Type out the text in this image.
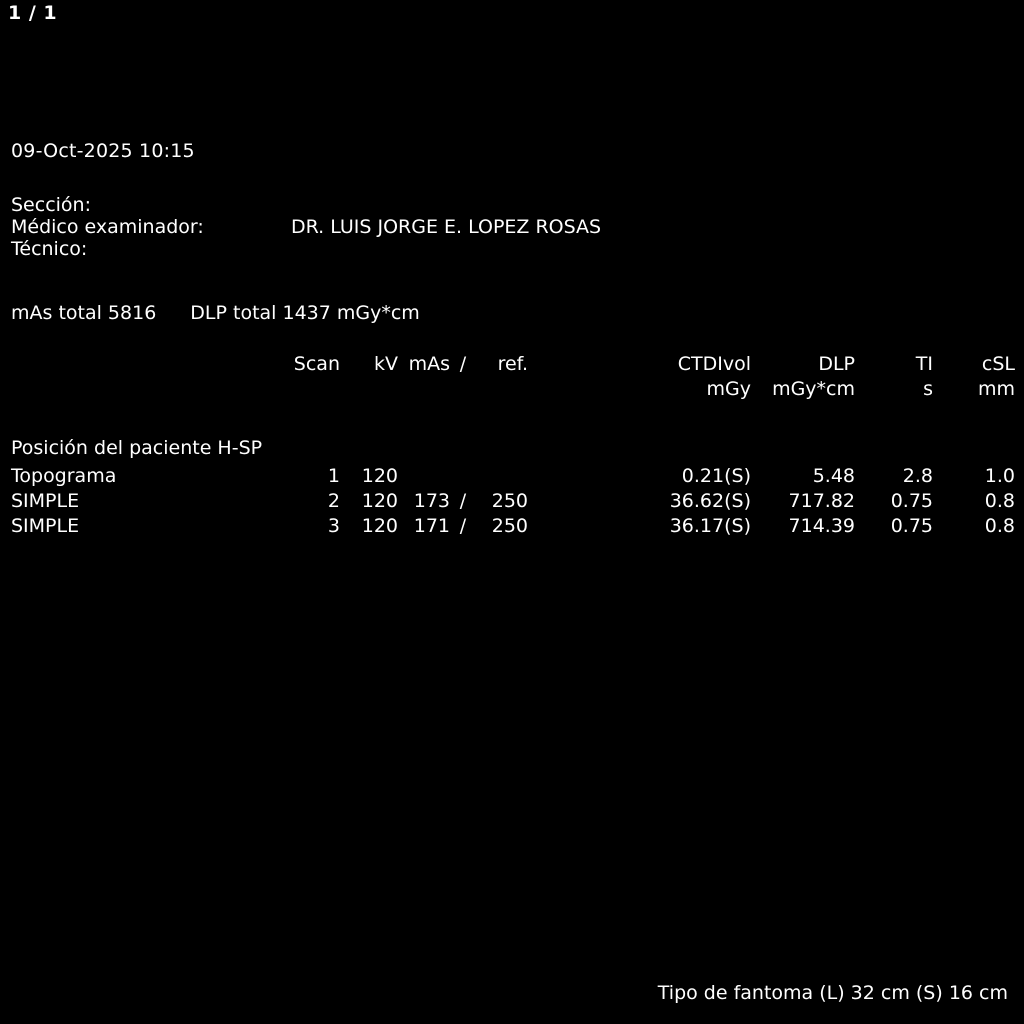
1 / 1
09-Oct-2025 10:15
Sección:
Médico examinador:	DR. LUIS JORGE E. LOPEZ ROSAS
Técnico:
mAs total 5816 DLP total 1437 mGy*cm
	Scan	kV	mAs	/	ref.	CTDIvol	DLP	TI	cSL
						mGy	mGy*cm	s	mm
Posición del paciente H-SP
Topograma	1	120				0.21(S)	5.48	2.8	1.0
SIMPLE	2	120	173	/	250	36.62(S)	717.82	0.75	0.8
SIMPLE	3	120	171	/	250	36.17(S)	714.39	0.75	0.8
Tipo de fantoma (L) 32 cm (S) 16 cm
